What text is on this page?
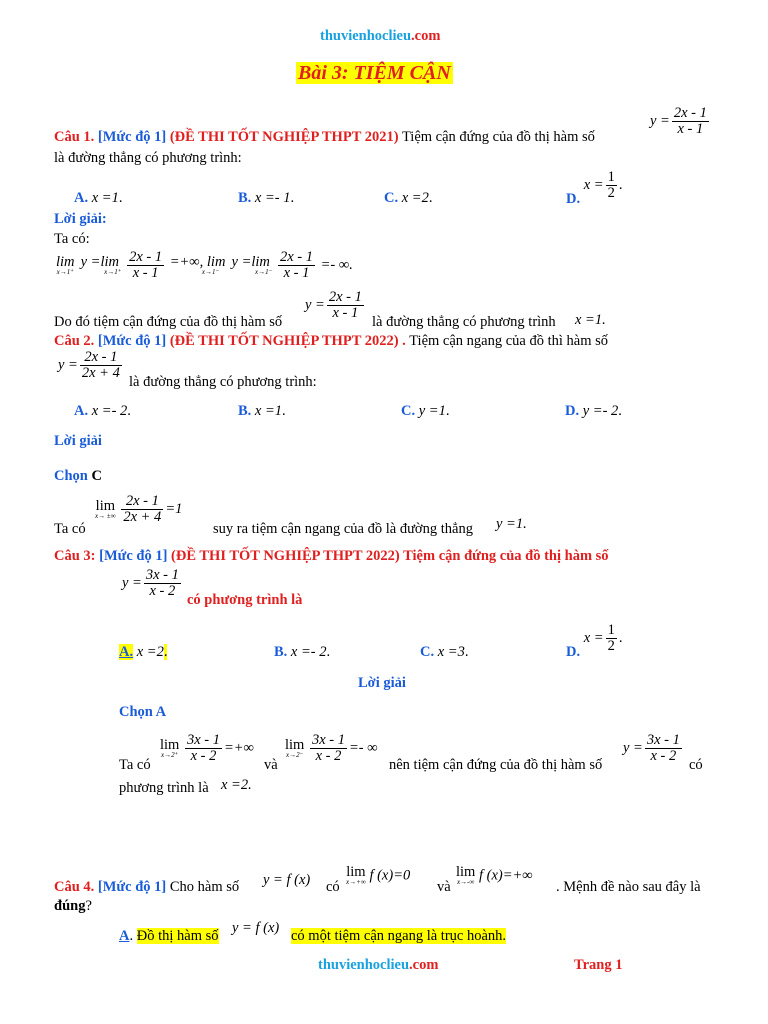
thuvienhoclieu.com
Bài 3: TIỆM CẬN
Câu 1. [Mức độ 1] (ĐỀ THI TỐT NGHIỆP THPT 2021) Tiệm cận đứng của đồ thị hàm số
$y = \frac{2x - 1}{x - 1}$
là đường thẳng có phương trình:
A. x =1.	B. x =- 1.	C. x =2.	D. $x = \frac{1}{2}$ .
Lời giải:
Ta có:
lim
x→1⁺
y =lim
x→1⁺
$\frac{2x - 1}{x - 1}$ =+∞, lim
x→1⁻
y =lim
x→1⁻
$\frac{2x - 1}{x - 1}$ =- ∞.
Do đó tiệm cận đứng của đồ thị hàm số
$y = \frac{2x - 1}{x - 1}$
là đường thẳng có phương trình x =1.
Câu 2. [Mức độ 1] (ĐỀ THI TỐT NGHIỆP THPT 2022) . Tiệm cận ngang của đồ thì hàm số
$y = \frac{2x - 1}{2x + 4}$
là đường thẳng có phương trình:
A. x =- 2.	B. x =1.	C. y =1.	D. y =- 2.
Lời giải
Chọn C
Ta có
lim
x→ ±∞
$\frac{2x - 1}{2x + 4} =1$
suy ra tiệm cận ngang của đồ là đường thẳng y =1.
Câu 3: [Mức độ 1] (ĐỀ THI TỐT NGHIỆP THPT 2022) Tiệm cận đứng của đồ thị hàm số
$y = \frac{3x - 1}{x - 2}$
có phương trình là
A. x =2.	B. x =- 2.	C. x =3.	D. $x = \frac{1}{2}$ .
Lời giải
Chọn A
Ta có
lim
x→2⁺
$\frac{3x - 1}{x - 2}$ =+∞
và
lim
x→2⁻
$\frac{3x - 1}{x - 2}$ =- ∞
nên tiệm cận đứng của đồ thị hàm số
$y = \frac{3x - 1}{x - 2}$
có
phương trình là x =2.
Câu 4. [Mức độ 1] Cho hàm số y = f (x) có
lim
x→+∞ f (x)=0
và
lim
x→-∞ f (x)=+∞
. Mệnh đề nào sau đây là
đúng?
A. Đồ thị hàm số y = f (x) có một tiệm cận ngang là trục hoành.
thuvienhoclieu.com	Trang 1
